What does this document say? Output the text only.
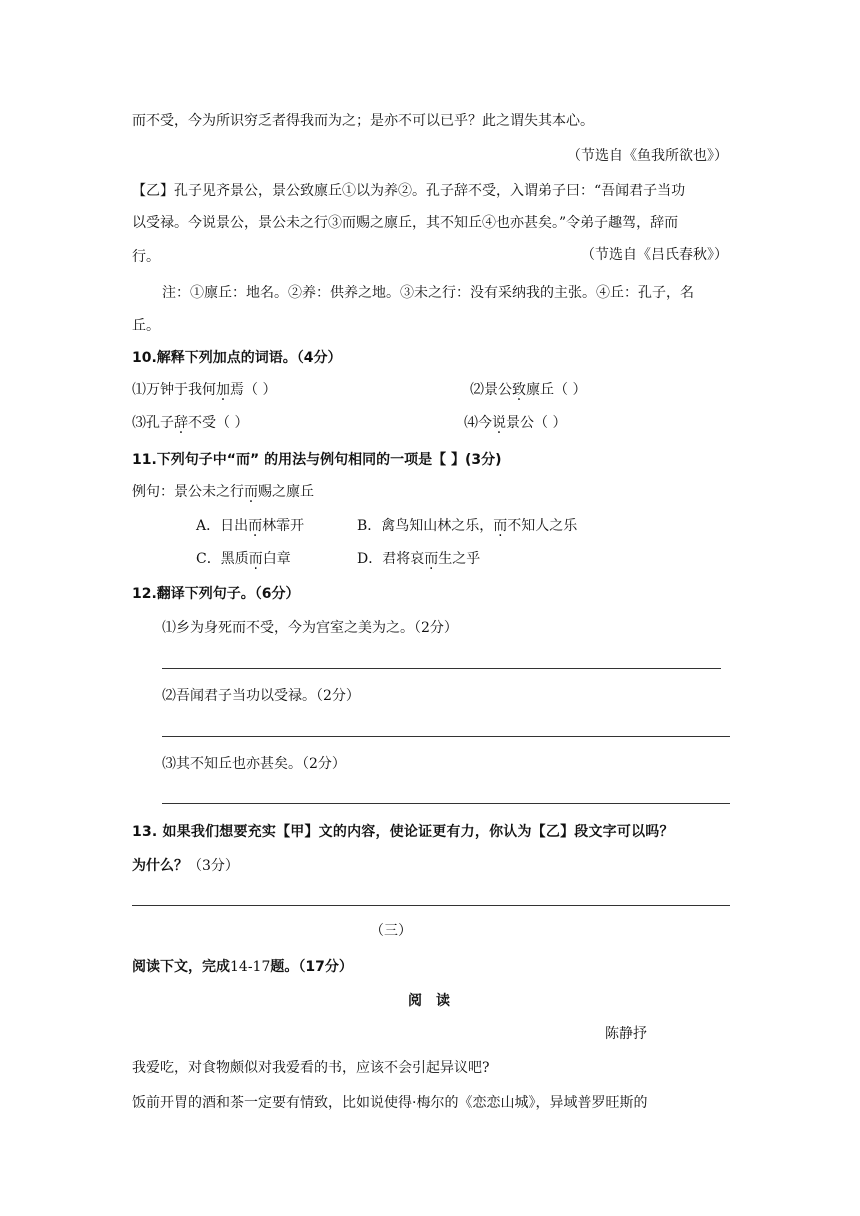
而不受，今为所识穷乏者得我而为之；是亦不可以已乎？此之谓失其本心。
（节选自《鱼我所欲也》）
【乙】孔子见齐景公，景公致廪丘①以为养②。孔子辞不受，入谓弟子曰：“吾闻君子当功
以受禄。今说景公，景公未之行③而赐之廪丘，其不知丘④也亦甚矣。”令弟子趣驾，辞而
行。	（节选自《吕氏春秋》）
注：①廪丘：地名。②养：供养之地。③未之行：没有采纳我的主张。④丘：孔子，名
丘。
10.解释下列加点的词语。（4分）
⑴万钟于我何加焉（ ）	⑵景公致廪丘（ ）
⑶孔子辞不受（ ）	⑷今说景公（ ）
11.下列句子中“而” 的用法与例句相同的一项是【 】(3分)
例句：景公未之行而赐之廪丘
A．日出而林霏开	B．禽鸟知山林之乐，而不知人之乐
C．黑质而白章	D．君将哀而生之乎
12.翻译下列句子。（6分）
⑴乡为身死而不受，今为宫室之美为之。（2分）
⑵吾闻君子当功以受禄。（2分）
⑶其不知丘也亦甚矣。（2分）
13. 如果我们想要充实【甲】文的内容，使论证更有力，你认为【乙】段文字可以吗？
为什么？（3分）
（三）
阅读下文，完成14-17题。（17分）
阅　读
陈静抒
我爱吃，对食物颇似对我爱看的书，应该不会引起异议吧?
饭前开胃的酒和茶一定要有情致，比如说使得·梅尔的《恋恋山城》，异域普罗旺斯的
